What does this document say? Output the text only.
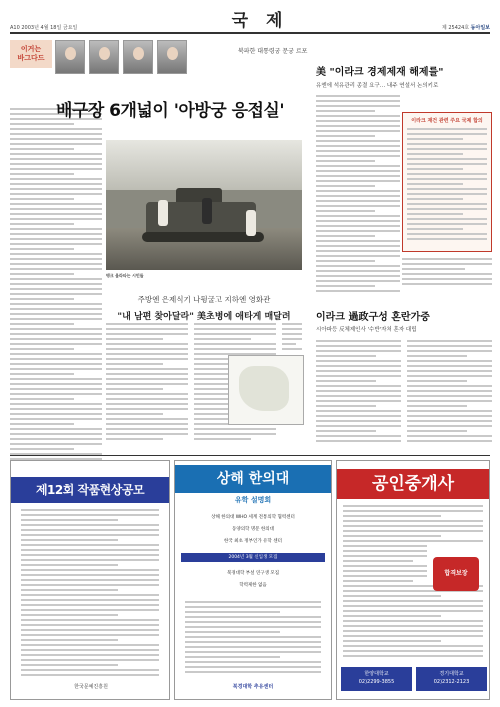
국 제
A10 2003년 4월 18일 금요일	제 25424호 동아일보
이거는
바그다드
북파한 대통령궁 문궁 르포
배구장 6개넓이 '아방궁 응접실'
탱크 올라타는 시민들
美 "이라크 경제제재 해제를"
유엔에 석유관리 종결 요구… 내주 연설서 논의키로
이라크 재건 관련 주요 국제 합의
주방엔 은제식기 나뒹굴고 지하엔 영화관
"내 남편 찾아달라" 美초병에 애타게 매달려	이라크 過政구성 혼란가중
시아파등 反체제인사 '수반'자처 혼자 대립
제12회 작품현상공모
한국문예진흥원
상해 한의대
유학 설명회
상해 한의대 WHO 세계 전통의학 협력센터
동양의학 명문 한의대
한국 최초 정부인가 유학 센터
2004년 3월 신입생 모집
북경대학 부설 연구생 모집
학력제한 없음
북경대학 추유센터
공인중개사
합격보장
한양대학교
02)2299-3855
경기대학교
02)2312-2123
